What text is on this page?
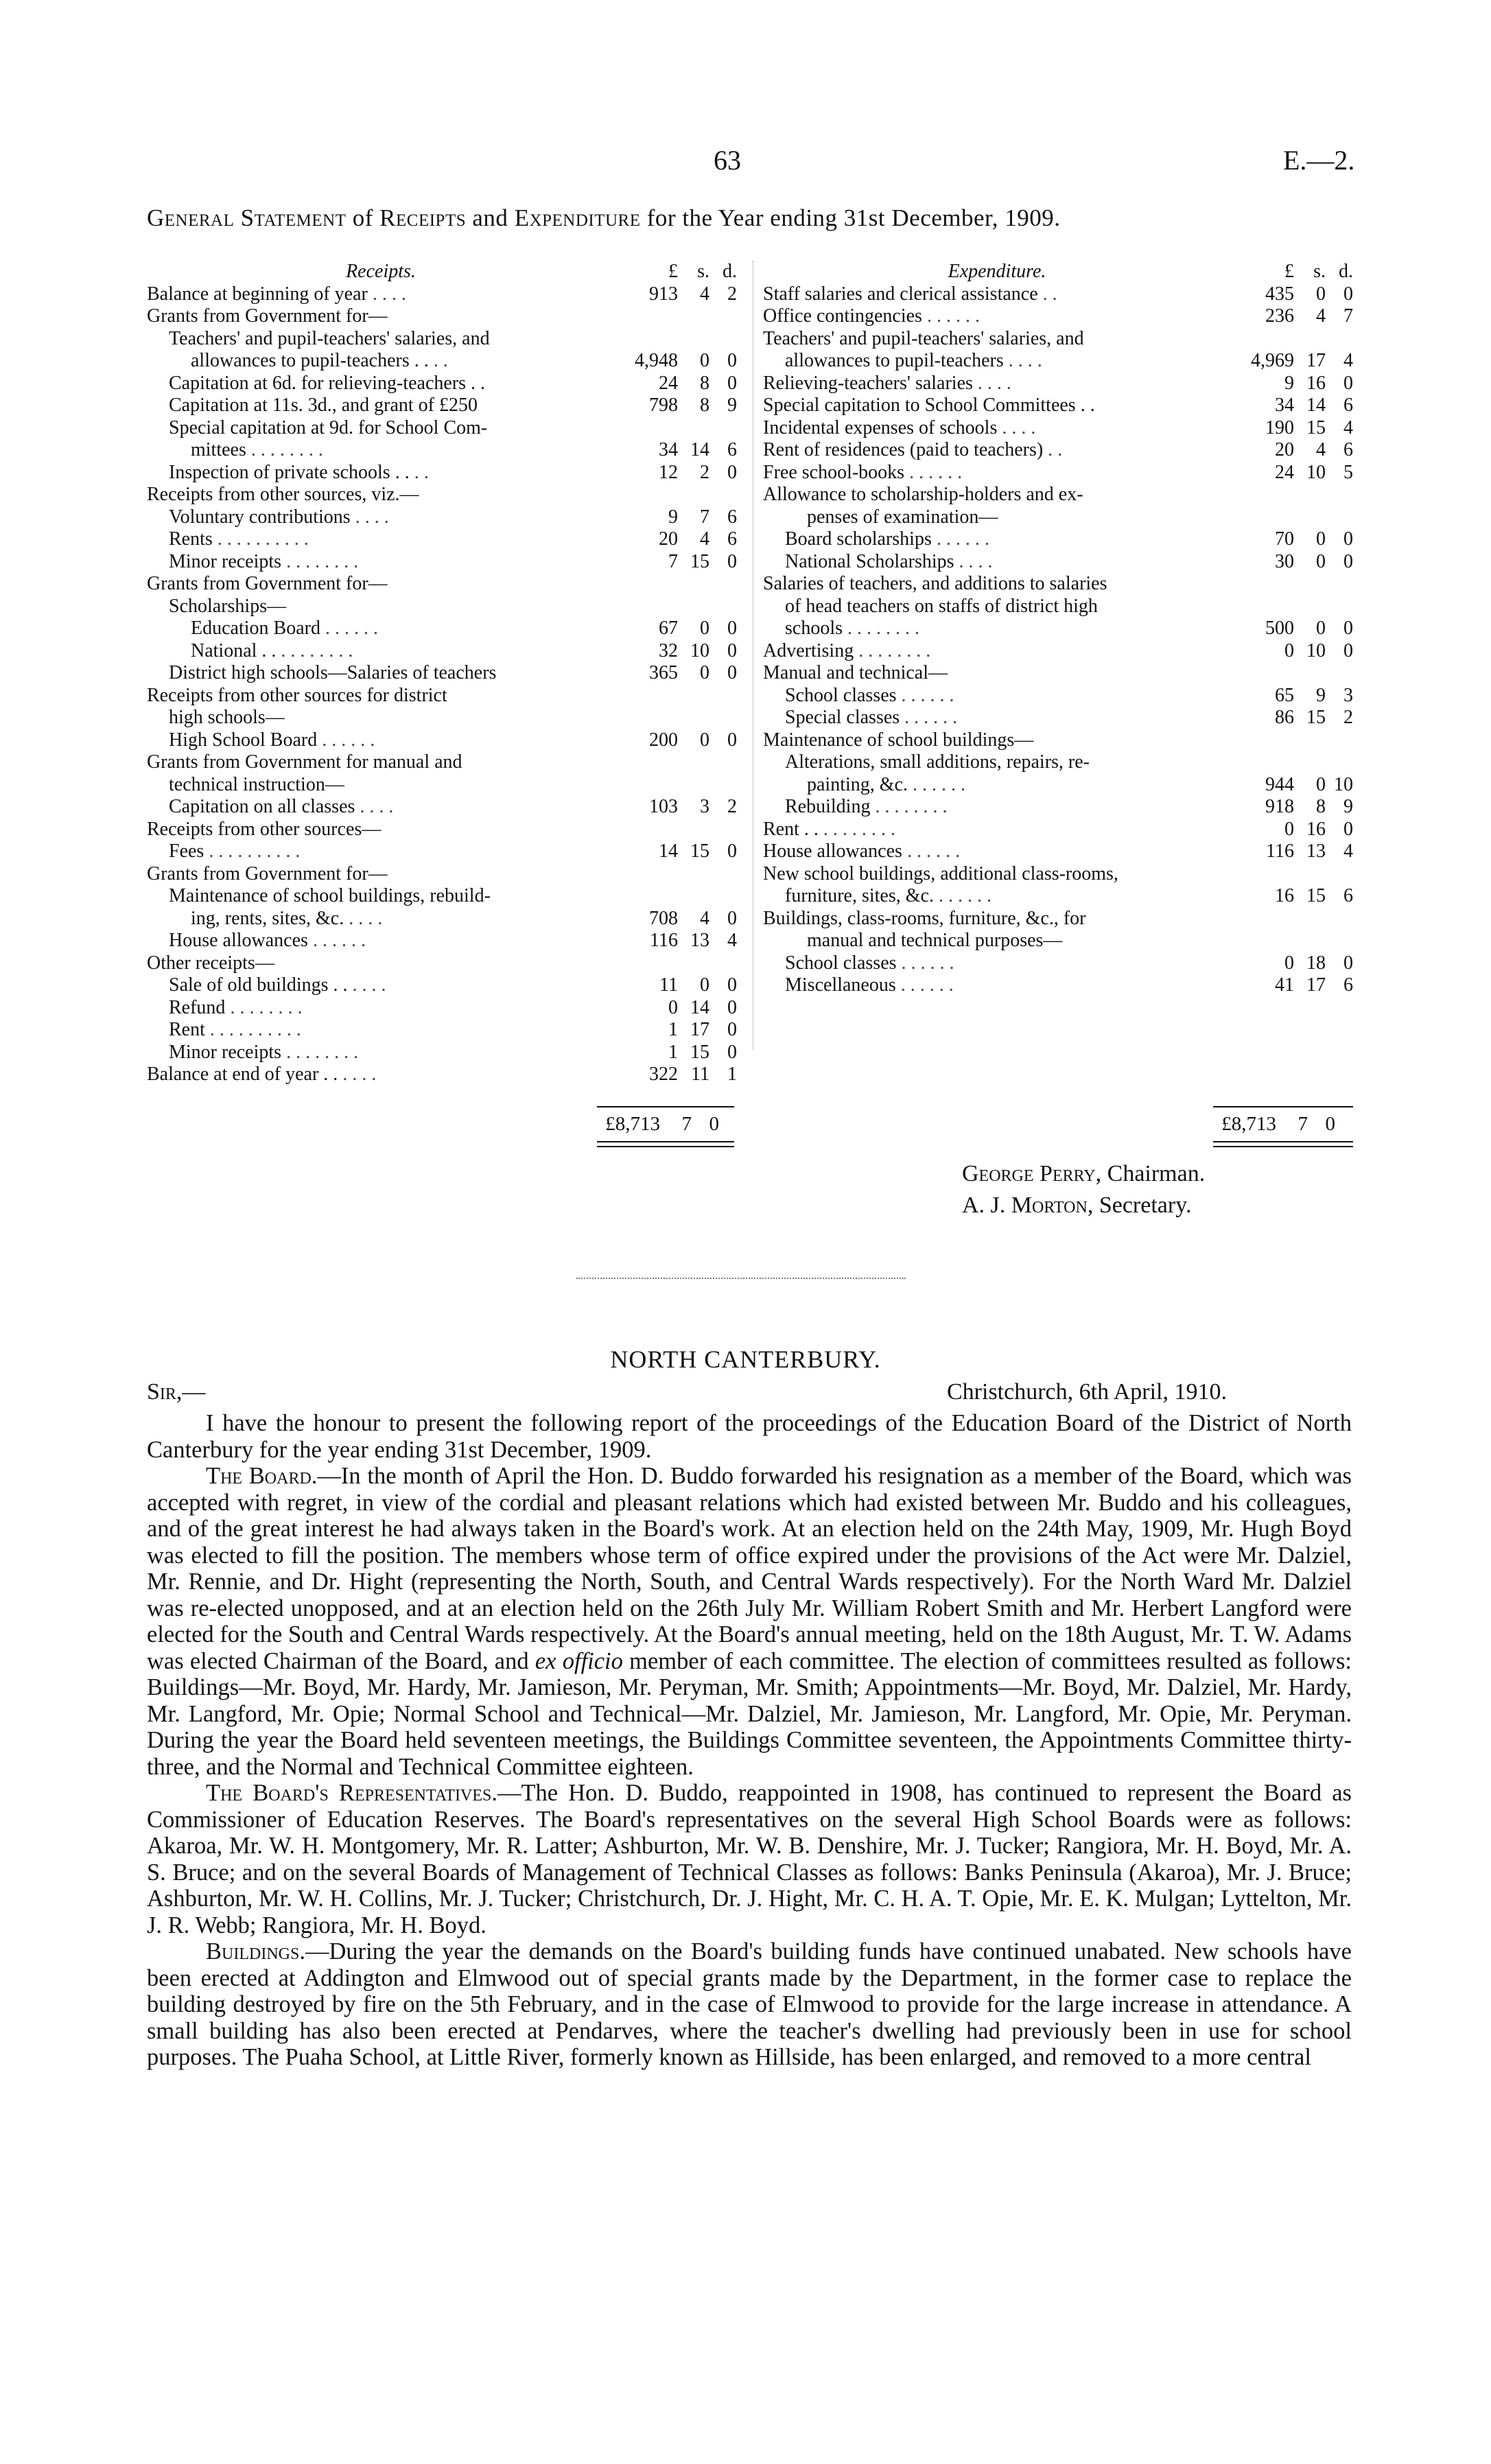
63	E.—2.
General Statement of Receipts and Expenditure for the Year ending 31st December, 1909.
Receipts.	£	s. d.
Balance at beginning of year . . . .	913	4 2
Grants from Government for—
Teachers' and pupil-teachers' salaries, and
allowances to pupil-teachers . . . .	4,948	0 0
Capitation at 6d. for relieving-teachers . .	24	8 0
Capitation at 11s. 3d., and grant of £250	798	8 9
Special capitation at 9d. for School Com-
mittees . . . . . . . .	34 14 6
Inspection of private schools . . . .	12	2 0
Receipts from other sources, viz.—
Voluntary contributions . . . .	9	7 6
Rents . . . . . . . . . .	20	4 6
Minor receipts . . . . . . . .	7 15 0
Grants from Government for—
Scholarships—
Education Board . . . . . .	67	0 0
National . . . . . . . . . .	32 10 0
District high schools—Salaries of teachers	365	0 0
Receipts from other sources for district
high schools—
High School Board . . . . . .	200	0 0
Grants from Government for manual and
technical instruction—
Capitation on all classes . . . .	103	3 2
Receipts from other sources—
Fees . . . . . . . . . .	14 15 0
Grants from Government for—
Maintenance of school buildings, rebuild-
ing, rents, sites, &c. . . . .	708	4 0
House allowances . . . . . .	116 13 4
Other receipts—
Sale of old buildings . . . . . .	11	0 0
Refund . . . . . . . .	0 14 0
Rent . . . . . . . . . .	1 17 0
Minor receipts . . . . . . . .	1 15 0
Balance at end of year . . . . . .	322 11 1
Expenditure.	£	s. d.
Staff salaries and clerical assistance . .	435	0 0
Office contingencies . . . . . .	236	4 7
Teachers' and pupil-teachers' salaries, and
allowances to pupil-teachers . . . .	4,969 17 4
Relieving-teachers' salaries . . . .	9 16 0
Special capitation to School Committees . .	34 14 6
Incidental expenses of schools . . . .	190 15 4
Rent of residences (paid to teachers) . .	20	4 6
Free school-books . . . . . .	24 10 5
Allowance to scholarship-holders and ex-
penses of examination—
Board scholarships . . . . . .	70	0 0
National Scholarships . . . .	30	0 0
Salaries of teachers, and additions to salaries
of head teachers on staffs of district high
schools . . . . . . . .	500	0 0
Advertising . . . . . . . .	0 10 0
Manual and technical—
School classes . . . . . .	65	9 3
Special classes . . . . . .	86 15 2
Maintenance of school buildings—
Alterations, small additions, repairs, re-
painting, &c. . . . . . .	944	0 10
Rebuilding . . . . . . . .	918	8 9
Rent . . . . . . . . . .	0 16 0
House allowances . . . . . .	116 13 4
New school buildings, additional class-rooms,
furniture, sites, &c. . . . . . .	16 15 6
Buildings, class-rooms, furniture, &c., for
manual and technical purposes—
School classes . . . . . .	0 18 0
Miscellaneous . . . . . .	41 17 6
£8,713	7 0	£8,713	7 0
George Perry, Chairman.
A. J. Morton, Secretary.
NORTH CANTERBURY.
Sir,—	Christchurch, 6th April, 1910.

I have the honour to present the following report of the proceedings of the Education Board of the District of North Canterbury for the year ending 31st December, 1909.

The Board.—In the month of April the Hon. D. Buddo forwarded his resignation as a member of the Board, which was accepted with regret, in view of the cordial and pleasant relations which had existed between Mr. Buddo and his colleagues, and of the great interest he had always taken in the Board's work. At an election held on the 24th May, 1909, Mr. Hugh Boyd was elected to fill the position. The members whose term of office expired under the provisions of the Act were Mr. Dalziel, Mr. Rennie, and Dr. Hight (representing the North, South, and Central Wards respectively). For the North Ward Mr. Dalziel was re-elected unopposed, and at an election held on the 26th July Mr. William Robert Smith and Mr. Herbert Langford were elected for the South and Central Wards respectively. At the Board's annual meeting, held on the 18th August, Mr. T. W. Adams was elected Chairman of the Board, and ex officio member of each committee. The election of committees resulted as follows: Buildings—Mr. Boyd, Mr. Hardy, Mr. Jamieson, Mr. Peryman, Mr. Smith; Appointments—Mr. Boyd, Mr. Dalziel, Mr. Hardy, Mr. Langford, Mr. Opie; Normal School and Technical—Mr. Dalziel, Mr. Jamieson, Mr. Langford, Mr. Opie, Mr. Peryman. During the year the Board held seventeen meetings, the Buildings Committee seventeen, the Appointments Committee thirty-three, and the Normal and Technical Committee eighteen.

The Board's Representatives.—The Hon. D. Buddo, reappointed in 1908, has continued to represent the Board as Commissioner of Education Reserves. The Board's representatives on the several High School Boards were as follows: Akaroa, Mr. W. H. Montgomery, Mr. R. Latter; Ashburton, Mr. W. B. Denshire, Mr. J. Tucker; Rangiora, Mr. H. Boyd, Mr. A. S. Bruce; and on the several Boards of Management of Technical Classes as follows: Banks Peninsula (Akaroa), Mr. J. Bruce; Ashburton, Mr. W. H. Collins, Mr. J. Tucker; Christchurch, Dr. J. Hight, Mr. C. H. A. T. Opie, Mr. E. K. Mulgan; Lyttelton, Mr. J. R. Webb; Rangiora, Mr. H. Boyd.

Buildings.—During the year the demands on the Board's building funds have continued unabated. New schools have been erected at Addington and Elmwood out of special grants made by the Department, in the former case to replace the building destroyed by fire on the 5th February, and in the case of Elmwood to provide for the large increase in attendance. A small building has also been erected at Pendarves, where the teacher's dwelling had previously been in use for school purposes. The Puaha School, at Little River, formerly known as Hillside, has been enlarged, and removed to a more central
